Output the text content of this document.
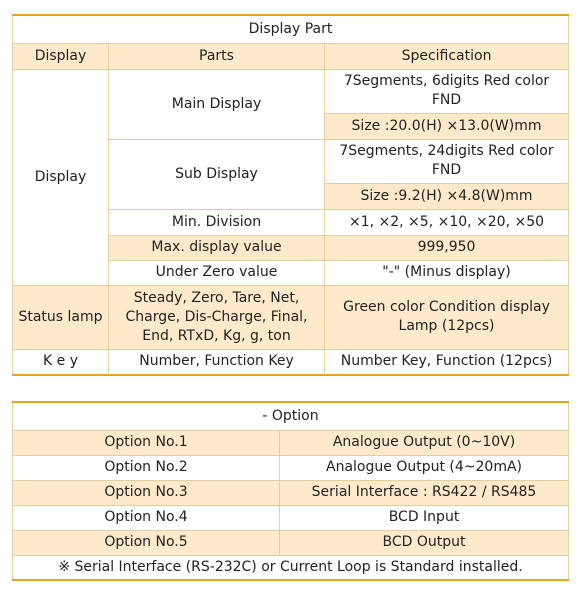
Display Part		
Display	Parts	Specification
Display	Main Display	7Segments, 6digits Red color FND
		Size :20.0(H) ×13.0(W)mm
	Sub Display	7Segments, 24digits Red color FND
		Size :9.2(H) ×4.8(W)mm
	Min. Division	×1, ×2, ×5, ×10, ×20, ×50
	Max. display value	999,950
	Under Zero value	"-" (Minus display)
Status lamp	Steady, Zero, Tare, Net, Charge, Dis-Charge, Final, End, RTxD, Kg, g, ton	Green color Condition display Lamp (12pcs)
K e y	Number, Function Key	Number Key, Function (12pcs)
- Option	
Option No.1	Analogue Output (0~10V)
Option No.2	Analogue Output (4~20mA)
Option No.3	Serial Interface : RS422 / RS485
Option No.4	BCD Input
Option No.5	BCD Output
※ Serial Interface (RS-232C) or Current Loop is Standard installed.	
